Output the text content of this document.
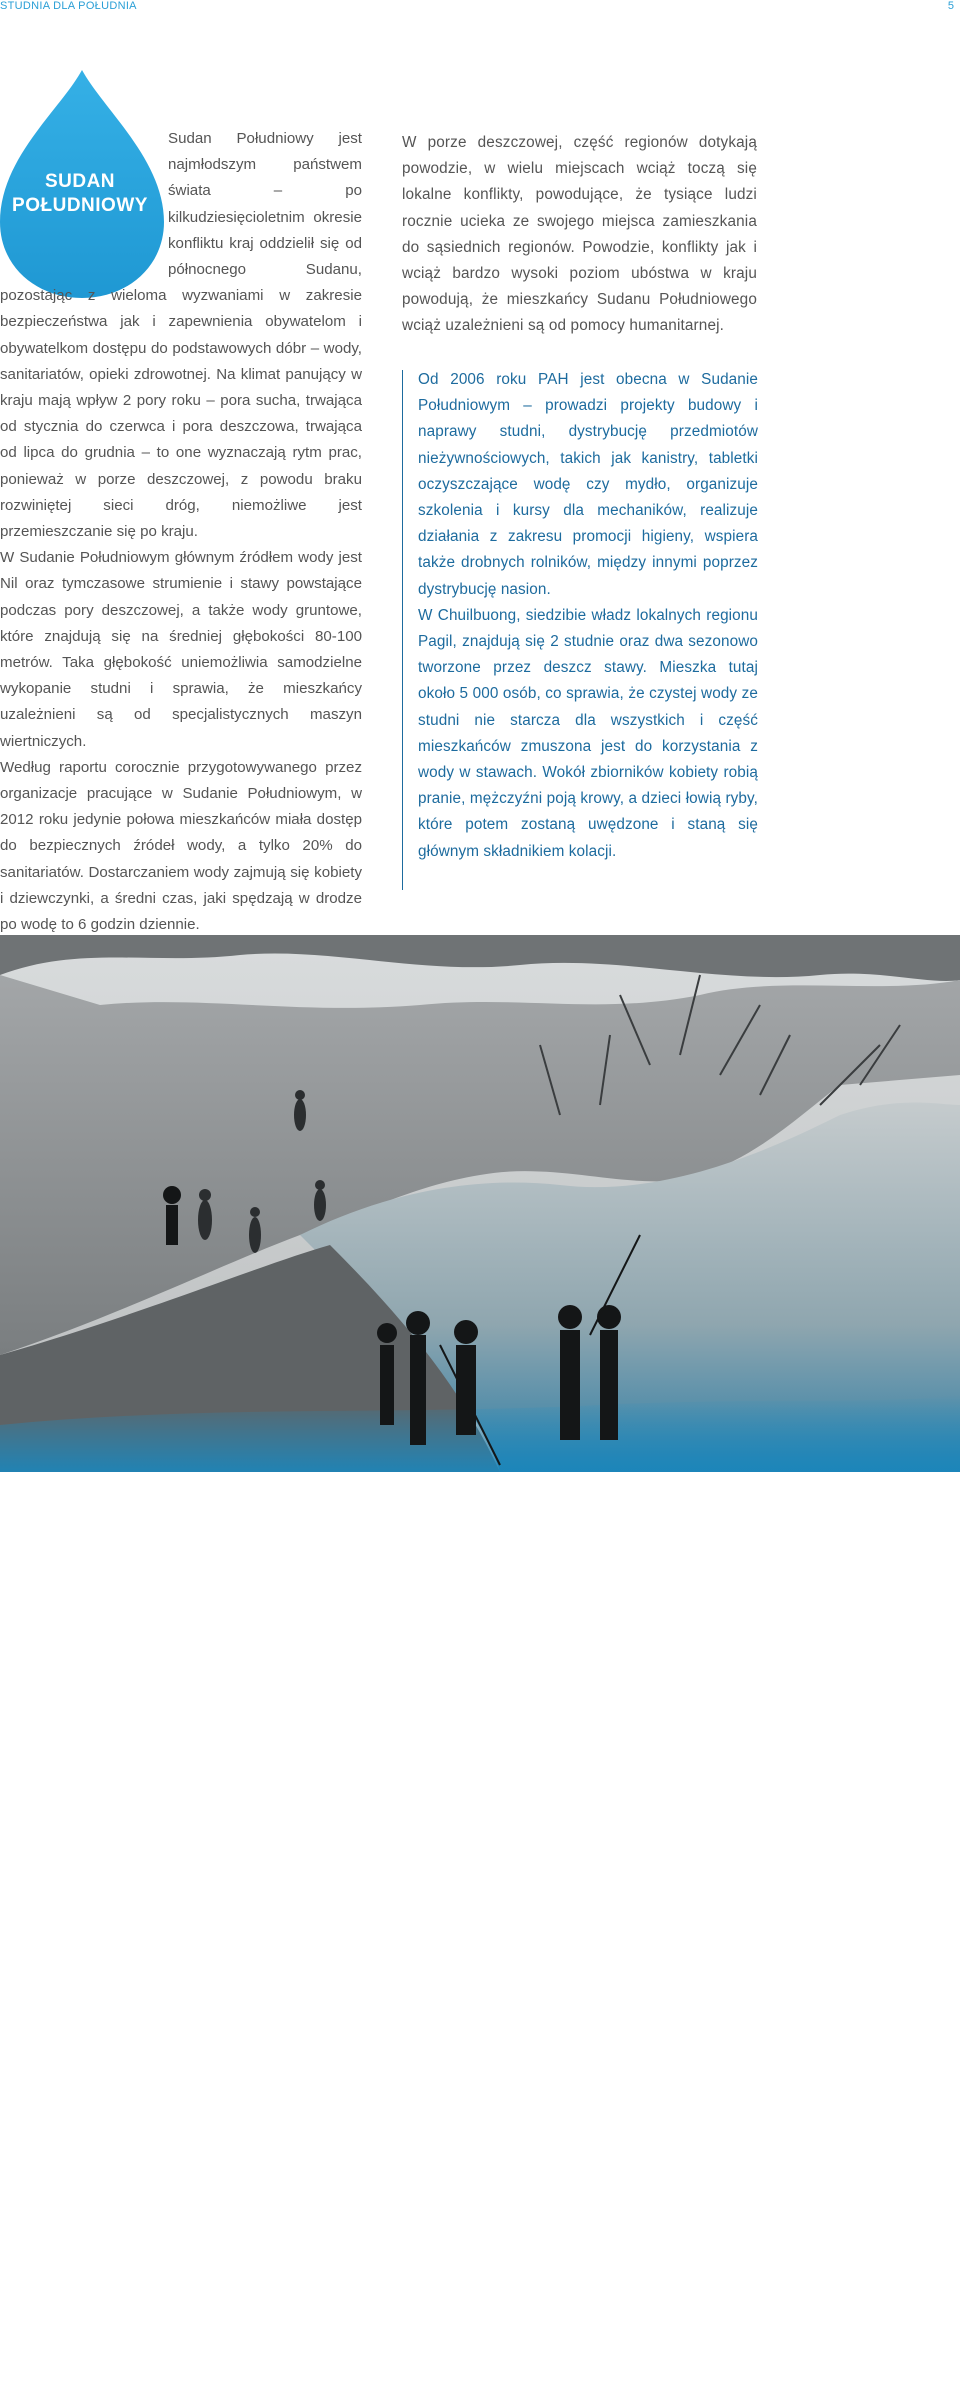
STUDNIA DLA POŁUDNIA	5
SUDAN
POŁUDNIOWY

Sudan Południowy jest najmłodszym państwem świata – po kilkudziesięcioletnim okresie konfliktu kraj oddzielił się od północnego Sudanu, pozostając z wieloma wyzwaniami w zakresie bezpieczeństwa jak i zapewnienia obywatelom i obywatelkom dostępu do podstawowych dóbr – wody, sanitariatów, opieki zdrowotnej. Na klimat panujący w kraju mają wpływ 2 pory roku – pora sucha, trwająca od stycznia do czerwca i pora deszczowa, trwająca od lipca do grudnia – to one wyznaczają rytm prac, ponieważ w porze deszczowej, z powodu braku rozwiniętej sieci dróg, niemożliwe jest przemieszczanie się po kraju.

W Sudanie Południowym głównym źródłem wody jest Nil oraz tymczasowe strumienie i stawy powstające podczas pory deszczowej, a także wody gruntowe, które znajdują się na średniej głębokości 80-100 metrów. Taka głębokość uniemożliwia samodzielne wykopanie studni i sprawia, że mieszkańcy uzależnieni są od specjalistycznych maszyn wiertniczych.

Według raportu corocznie przygotowywanego przez organizacje pracujące w Sudanie Południowym, w 2012 roku jedynie połowa mieszkańców miała dostęp do bezpiecznych źródeł wody, a tylko 20% do sanitariatów. Dostarczaniem wody zajmują się kobiety i dziewczynki, a średni czas, jaki spędzają w drodze po wodę to 6 godzin dziennie.

W porze deszczowej, część regionów dotykają powodzie, w wielu miejscach wciąż toczą się lokalne konflikty, powodujące, że tysiące ludzi rocznie ucieka ze swojego miejsca zamieszkania do sąsiednich regionów. Powodzie, konflikty jak i wciąż bardzo wysoki poziom ubóstwa w kraju powodują, że mieszkańcy Sudanu Południowego wciąż uzależnieni są od pomocy humanitarnej.

Od 2006 roku PAH jest obecna w Sudanie Południowym – prowadzi projekty budowy i naprawy studni, dystrybucję przedmiotów nieżywnościowych, takich jak kanistry, tabletki oczyszczające wodę czy mydło, organizuje szkolenia i kursy dla mechaników, realizuje działania z zakresu promocji higieny, wspiera także drobnych rolników, między innymi poprzez dystrybucję nasion.

W Chuilbuong, siedzibie władz lokalnych regionu Pagil, znajdują się 2 studnie oraz dwa sezonowo tworzone przez deszcz stawy. Mieszka tutaj około 5 000 osób, co sprawia, że czystej wody ze studni nie starcza dla wszystkich i część mieszkańców zmuszona jest do korzystania z wody w stawach. Wokół zbiorników kobiety robią pranie, mężczyźni poją krowy, a dzieci łowią ryby, które potem zostaną uwędzone i staną się głównym składnikiem kolacji.

Sezonowy zbiornik z wodą deszczową stanowi źródło wody. Chuilbuong, Sudan Południowy, 2013.
FOT. PAH
